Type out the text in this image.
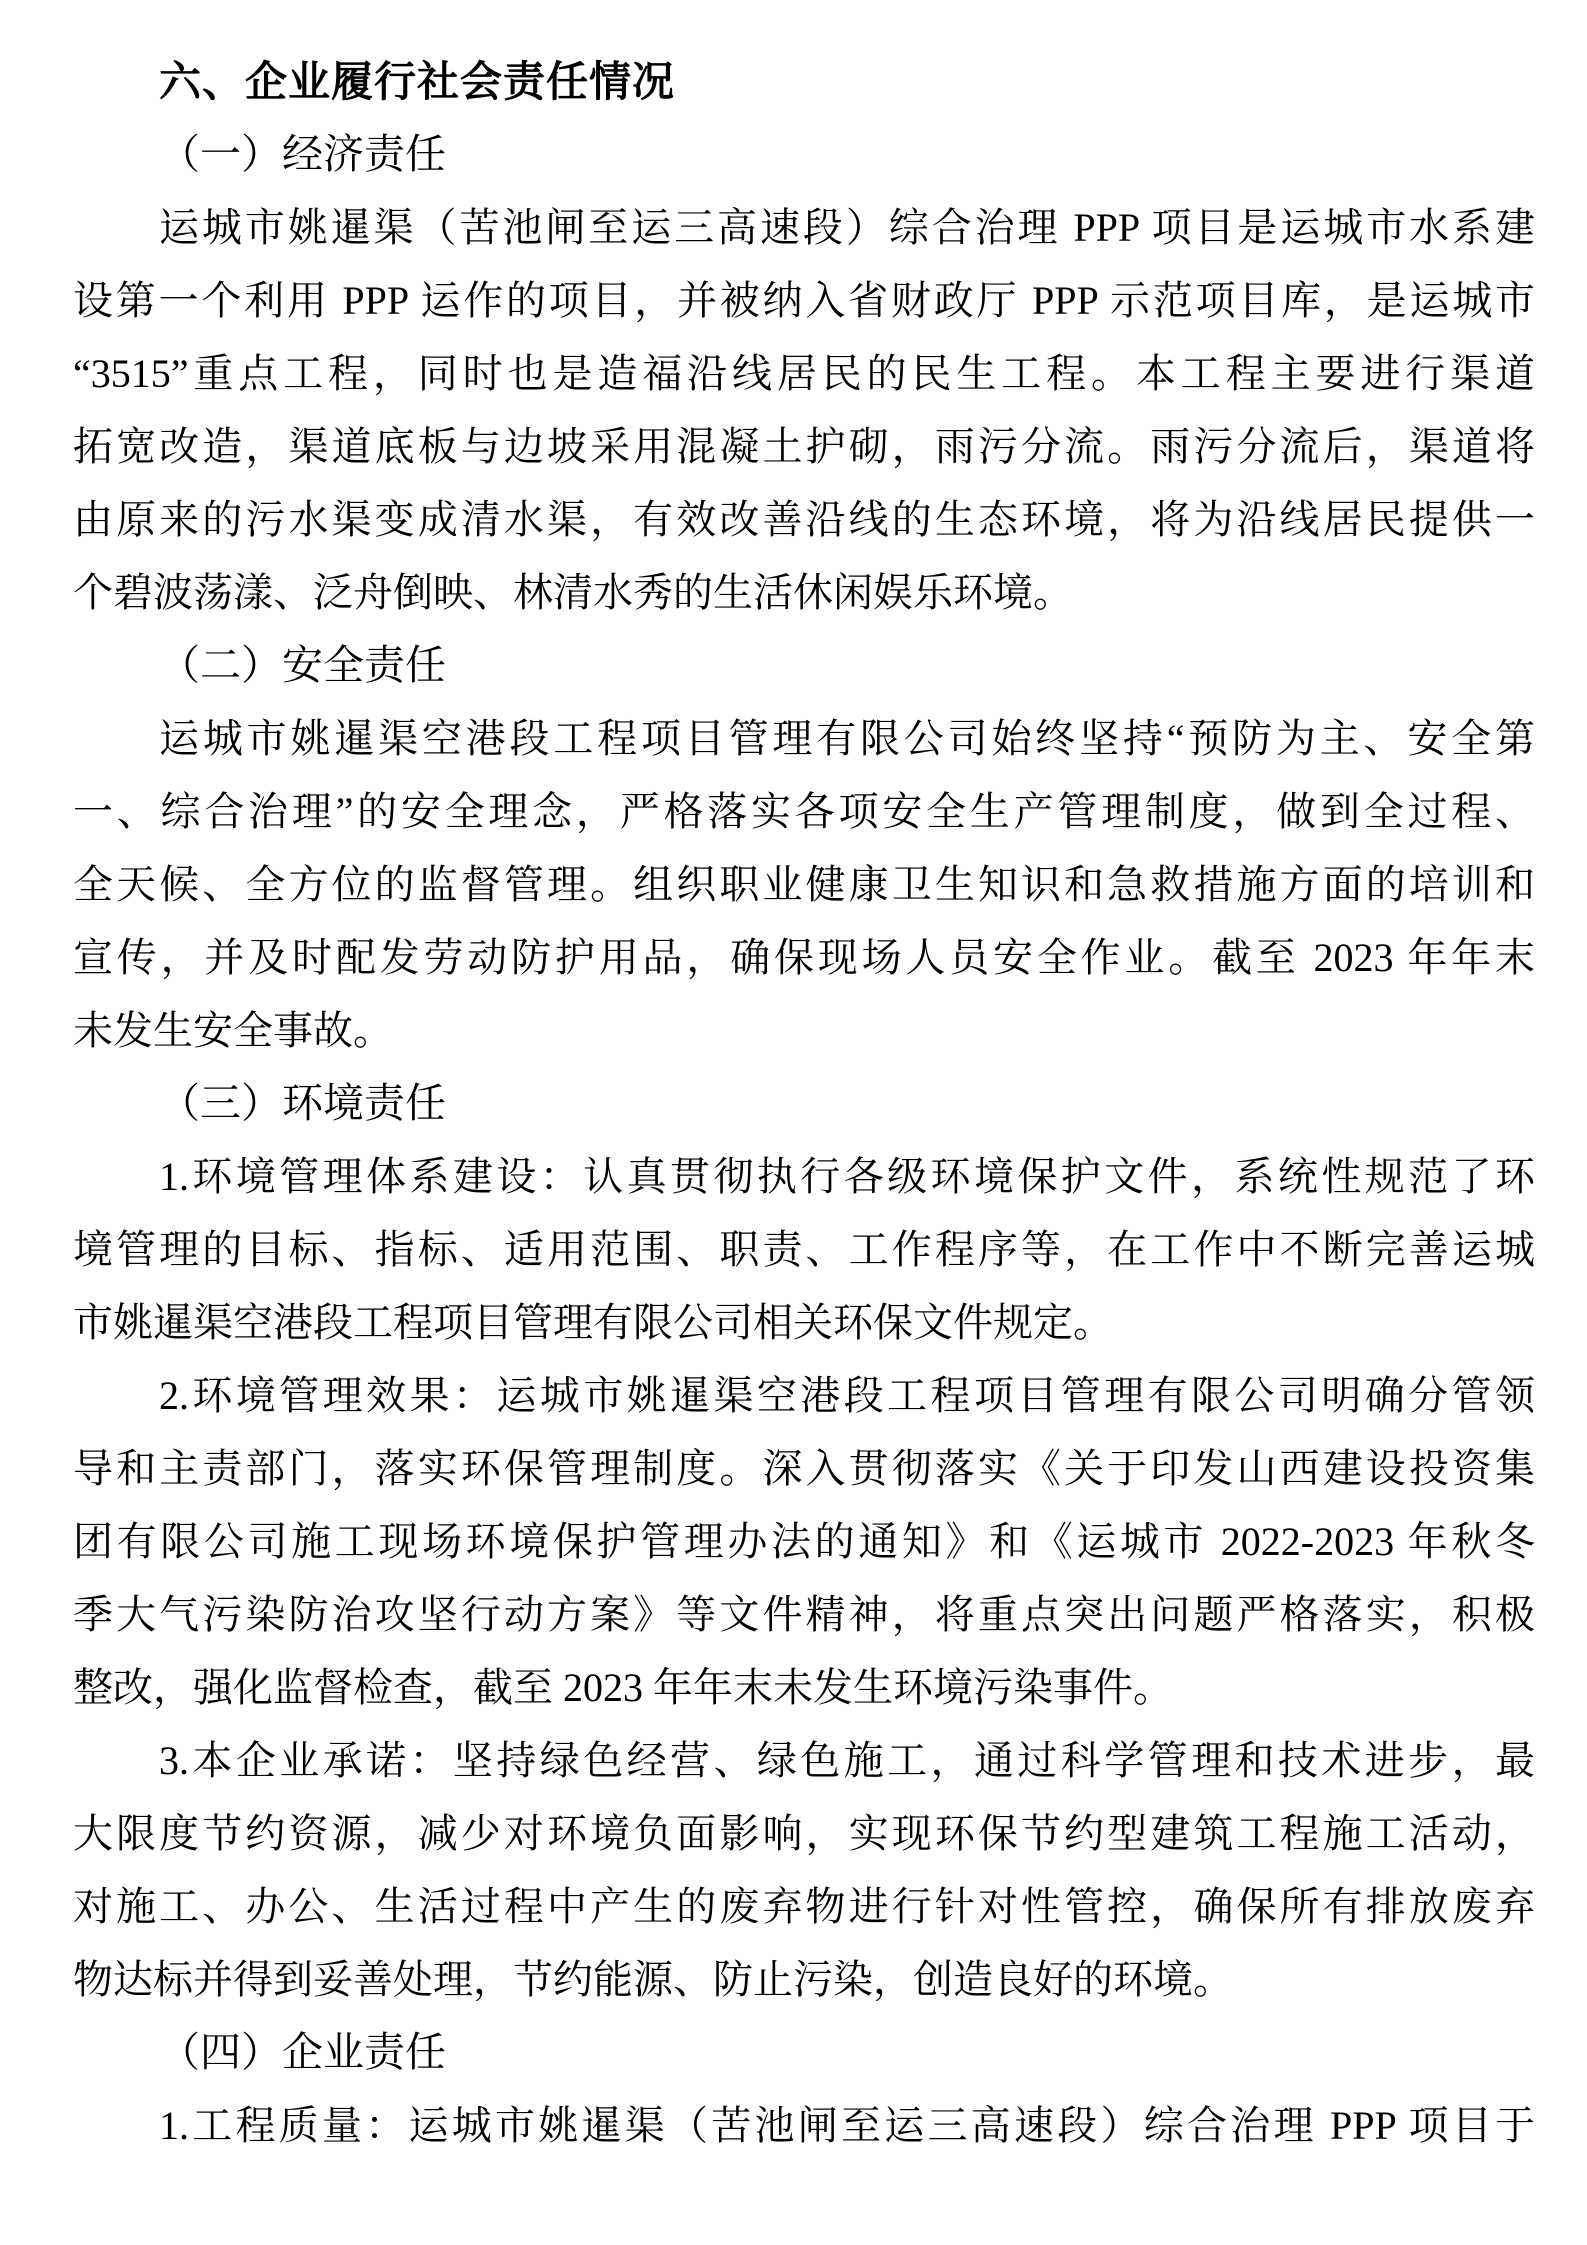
六、企业履行社会责任情况
（一）经济责任
运城市姚暹渠（苦池闸至运三高速段）综合治理 PPP 项目是运城市水系建
设第一个利用 PPP 运作的项目，并被纳入省财政厅 PPP 示范项目库，是运城市
“3515”重点工程，同时也是造福沿线居民的民生工程。本工程主要进行渠道
拓宽改造，渠道底板与边坡采用混凝土护砌，雨污分流。雨污分流后，渠道将
由原来的污水渠变成清水渠，有效改善沿线的生态环境，将为沿线居民提供一
个碧波荡漾、泛舟倒映、林清水秀的生活休闲娱乐环境。
（二）安全责任
运城市姚暹渠空港段工程项目管理有限公司始终坚持“预防为主、安全第
一、综合治理”的安全理念，严格落实各项安全生产管理制度，做到全过程、
全天候、全方位的监督管理。组织职业健康卫生知识和急救措施方面的培训和
宣传，并及时配发劳动防护用品，确保现场人员安全作业。截至 2023 年年末
未发生安全事故。
（三）环境责任
1.环境管理体系建设：认真贯彻执行各级环境保护文件，系统性规范了环
境管理的目标、指标、适用范围、职责、工作程序等，在工作中不断完善运城
市姚暹渠空港段工程项目管理有限公司相关环保文件规定。
2.环境管理效果：运城市姚暹渠空港段工程项目管理有限公司明确分管领
导和主责部门，落实环保管理制度。深入贯彻落实《关于印发山西建设投资集
团有限公司施工现场环境保护管理办法的通知》和《运城市 2022-2023 年秋冬
季大气污染防治攻坚行动方案》等文件精神，将重点突出问题严格落实，积极
整改，强化监督检查，截至 2023 年年末未发生环境污染事件。
3.本企业承诺：坚持绿色经营、绿色施工，通过科学管理和技术进步，最
大限度节约资源，减少对环境负面影响，实现环保节约型建筑工程施工活动，
对施工、办公、生活过程中产生的废弃物进行针对性管控，确保所有排放废弃
物达标并得到妥善处理，节约能源、防止污染，创造良好的环境。
（四）企业责任
1.工程质量：运城市姚暹渠（苦池闸至运三高速段）综合治理 PPP 项目于
